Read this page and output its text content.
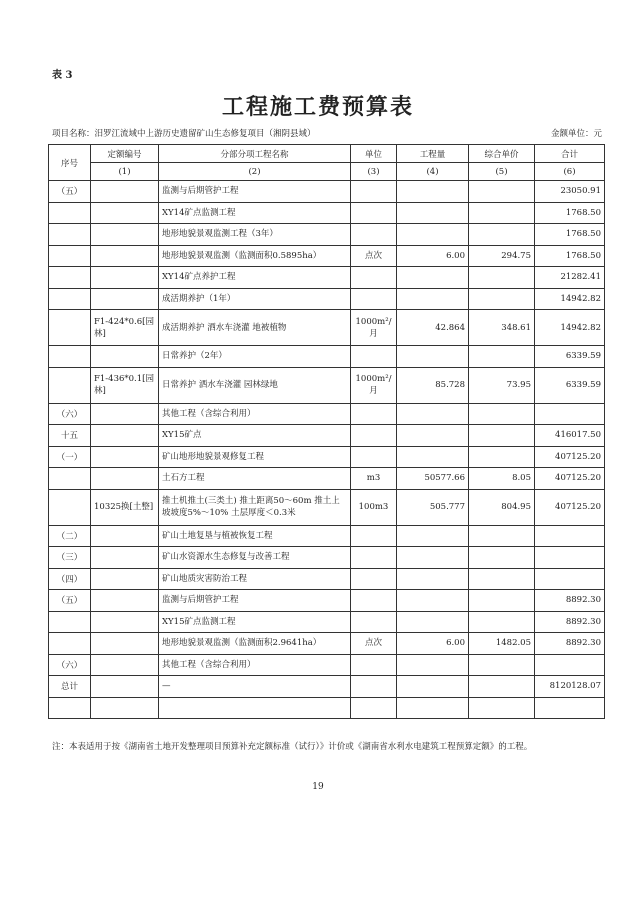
表 3
工程施工费预算表
项目名称：汨罗江流域中上游历史遗留矿山生态修复项目（湘阴县域）	金额单位：元
序号	定额编号	分部分项工程名称	单位	工程量	综合单价	合计
	(1)	(2)	(3)	(4)	(5)	(6)
（五）		监测与后期管护工程				23050.91
		XY14矿点监测工程				1768.50
		地形地貌景观监测工程（3年）				1768.50
		地形地貌景观监测（监测面积0.5895ha）	点次	6.00	294.75	1768.50
		XY14矿点养护工程				21282.41
		成活期养护（1年）				14942.82
	F1-424*0.6[园林]	成活期养护 洒水车浇灌 地被植物	1000m²/月	42.864	348.61	14942.82
		日常养护（2年）				6339.59
	F1-436*0.1[园林]	日常养护 洒水车浇灌 园林绿地	1000m²/月	85.728	73.95	6339.59
（六）		其他工程（含综合利用）				
十五		XY15矿点				416017.50
（一）		矿山地形地貌景观修复工程				407125.20
		土石方工程	m3	50577.66	8.05	407125.20
	10325换[土整]	推土机推土(三类土) 推土距离50～60m 推土上坡坡度5%～10% 土层厚度＜0.3米	100m3	505.777	804.95	407125.20
（二）		矿山土地复垦与植被恢复工程				
（三）		矿山水资源水生态修复与改善工程				
（四）		矿山地质灾害防治工程				
（五）		监测与后期管护工程				8892.30
		XY15矿点监测工程				8892.30
		地形地貌景观监测（监测面积2.9641ha）	点次	6.00	1482.05	8892.30
（六）		其他工程（含综合利用）				
总计		—				8120128.07

注：本表适用于按《湖南省土地开发整理项目预算补充定额标准（试行）》计价或《湖南省水利水电建筑工程预算定额》的工程。
19
